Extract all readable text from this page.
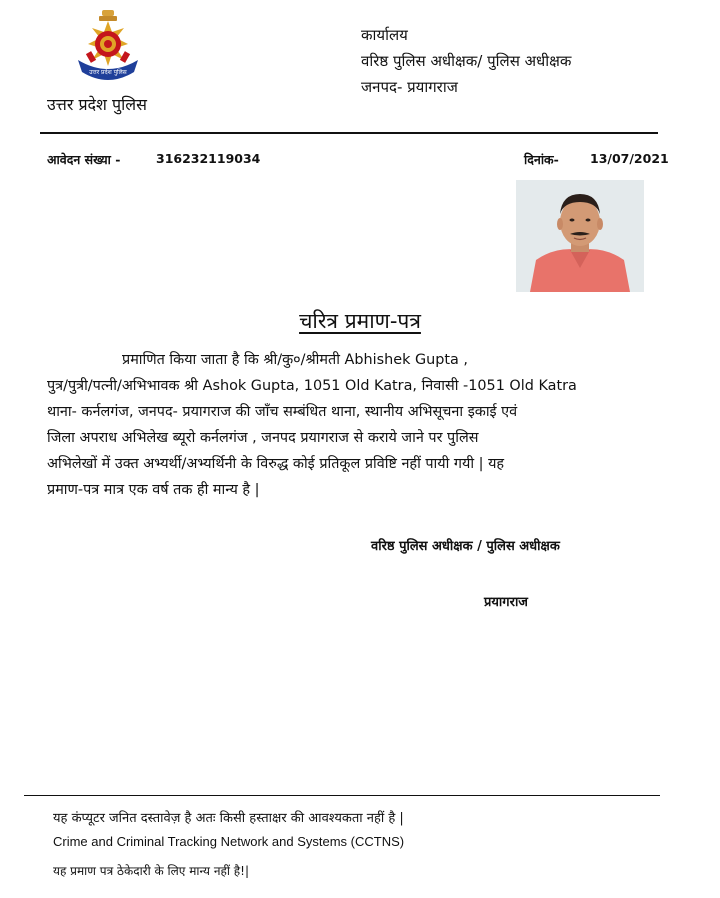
उत्तर प्रदेश पुलिस
उत्तर प्रदेश पुलिस
कार्यालय
वरिष्ठ पुलिस अधीक्षक/ पुलिस अधीक्षक
जनपद- प्रयागराज
आवेदन संख्या -	316232119034	दिनांक- 13/07/2021
चरित्र प्रमाण-पत्र
प्रमाणित किया जाता है कि श्री/कु०/श्रीमती Abhishek Gupta ,
पुत्र/पुत्री/पत्नी/अभिभावक श्री Ashok Gupta, 1051 Old Katra, निवासी -1051 Old Katra
थाना- कर्नलगंज, जनपद- प्रयागराज की जाँच सम्बंधित थाना, स्थानीय अभिसूचना इकाई एवं
जिला अपराध अभिलेख ब्यूरो कर्नलगंज , जनपद प्रयागराज से कराये जाने पर पुलिस
अभिलेखों में उक्त अभ्यर्थी/अभ्यर्थिनी के विरुद्ध कोई प्रतिकूल प्रविष्टि नहीं पायी गयी | यह
प्रमाण-पत्र मात्र एक वर्ष तक ही मान्य है |
वरिष्ठ पुलिस अधीक्षक / पुलिस अधीक्षक
प्रयागराज
यह कंप्यूटर जनित दस्तावेज़ है अतः किसी हस्ताक्षर की आवश्यकता नहीं है |
Crime and Criminal Tracking Network and Systems (CCTNS)
यह प्रमाण पत्र ठेकेदारी के लिए मान्य नहीं है!|
